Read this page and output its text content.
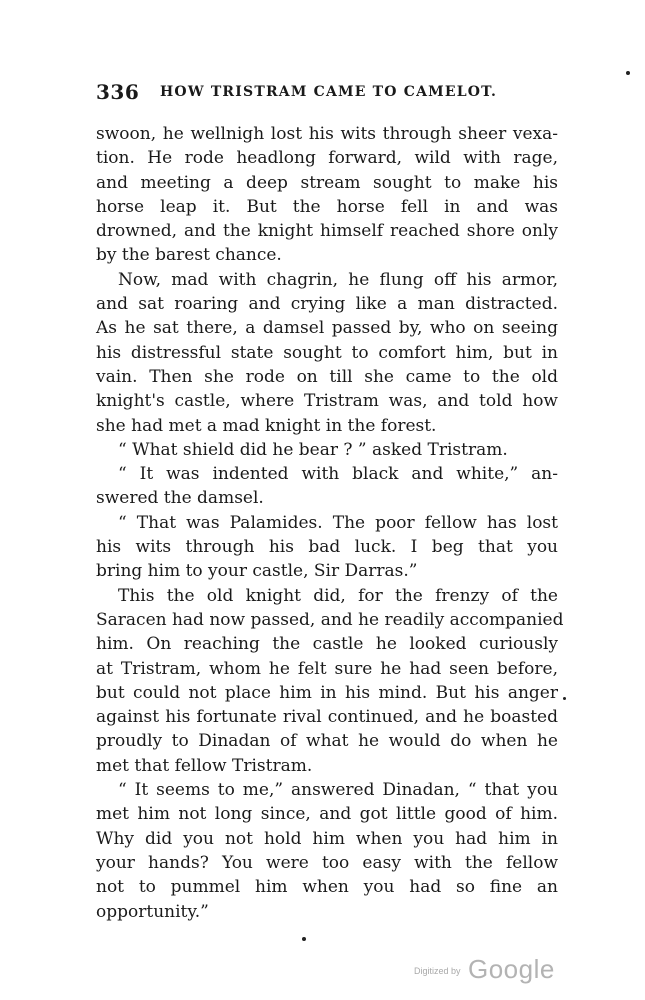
336 HOW TRISTRAM CAME TO CAMELOT.
swoon, he wellnigh lost his wits through sheer vexa-
tion. He rode headlong forward, wild with rage,
and meeting a deep stream sought to make his
horse leap it. But the horse fell in and was
drowned, and the knight himself reached shore only
by the barest chance.
Now, mad with chagrin, he flung off his armor,
and sat roaring and crying like a man distracted.
As he sat there, a damsel passed by, who on seeing
his distressful state sought to comfort him, but in
vain. Then she rode on till she came to the old
knight's castle, where Tristram was, and told how
she had met a mad knight in the forest.
“ What shield did he bear ? ” asked Tristram.
“ It was indented with black and white,” an-
swered the damsel.
“ That was Palamides. The poor fellow has lost
his wits through his bad luck. I beg that you
bring him to your castle, Sir Darras.”
This the old knight did, for the frenzy of the
Saracen had now passed, and he readily accompanied
him. On reaching the castle he looked curiously
at Tristram, whom he felt sure he had seen before,
but could not place him in his mind. But his anger
against his fortunate rival continued, and he boasted
proudly to Dinadan of what he would do when he
met that fellow Tristram.
“ It seems to me,” answered Dinadan, “ that you
met him not long since, and got little good of him.
Why did you not hold him when you had him in
your hands? You were too easy with the fellow
not to pummel him when you had so fine an
opportunity.”
Digitized by Google
